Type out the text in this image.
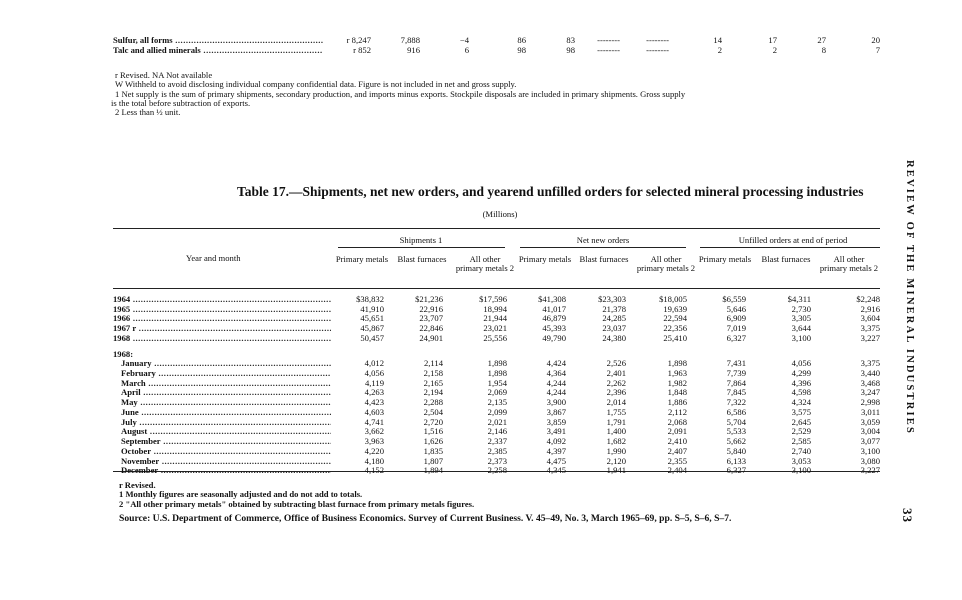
Sulfur, all forms .....	r 8,247	7,888	−4	86	83	--------	--------	14	17	27	20
Talc and allied minerals .....	r 852	916	6	98	98	--------	--------	2	2	8	7
r Revised. NA Not available
W Withheld to avoid disclosing individual company confidential data. Figure is not included in net and gross supply.
1 Net supply is the sum of primary shipments, secondary production, and imports minus exports. Stockpile disposals are included in primary shipments. Gross supply
is the total before subtraction of exports.
2 Less than ½ unit.
Table 17.—Shipments, net new orders, and yearend unfilled orders for selected mineral processing industries
(Millions)
Year and month
Shipments 1	Net new orders	Unfilled orders at end of period
Primary metals	Blast furnaces	All other primary metals 2
Primary metals Blast furnaces	All other primary metals 2
Primary metals	Blast furnaces	All other primary metals 2
1964 .....	$38,832	$21,236	$17,596	$41,308	$23,303	$18,005	$6,559	$4,311	$2,248
1965 .....	41,910	22,916	18,994	41,017	21,378	19,639	5,646	2,730	2,916
1966 .....	45,651	23,707	21,944	46,879	24,285	22,594	6,909	3,305	3,604
1967 r .....	45,867	22,846	23,021	45,393	23,037	22,356	7,019	3,644	3,375
1968 .....	50,457	24,901	25,556	49,790	24,380	25,410	6,327	3,100	3,227
1968:
January .....	4,012	2,114	1,898	4,424	2,526	1,898	7,431	4,056	3,375
February .....	4,056	2,158	1,898	4,364	2,401	1,963	7,739	4,299	3,440
March .....	4,119	2,165	1,954	4,244	2,262	1,982	7,864	4,396	3,468
April .....	4,263	2,194	2,069	4,244	2,396	1,848	7,845	4,598	3,247
May .....	4,423	2,288	2,135	3,900	2,014	1,886	7,322	4,324	2,998
June .....	4,603	2,504	2,099	3,867	1,755	2,112	6,586	3,575	3,011
July .....	4,741	2,720	2,021	3,859	1,791	2,068	5,704	2,645	3,059
August .....	3,662	1,516	2,146	3,491	1,400	2,091	5,533	2,529	3,004
September .....	3,963	1,626	2,337	4,092	1,682	2,410	5,662	2,585	3,077
October .....	4,220	1,835	2,385	4,397	1,990	2,407	5,840	2,740	3,100
November .....	4,180	1,807	2,373	4,475	2,120	2,355	6,133	3,053	3,080
December .....	4,152	1,894	2,258	4,345	1,941	2,404	6,327	3,100	3,227
r Revised.
1 Monthly figures are seasonally adjusted and do not add to totals.
2 "All other primary metals" obtained by subtracting blast furnace from primary metals figures.
Source: U.S. Department of Commerce, Office of Business Economics. Survey of Current Business. V. 45–49, No. 3, March 1965–69, pp. S–5, S–6, S–7.
REVIEW OF THE MINERAL INDUSTRIES
33
